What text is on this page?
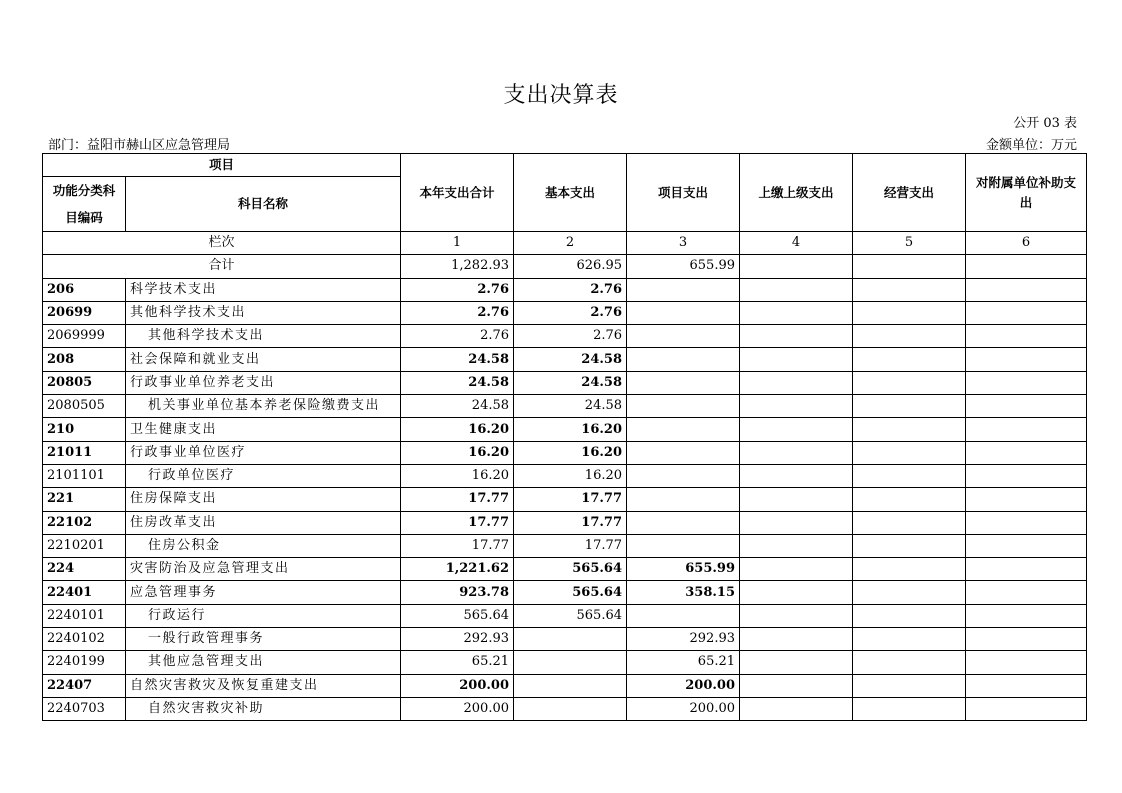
支出决算表
公开 03 表
部门：益阳市赫山区应急管理局	金额单位：万元
项目		本年支出合计	基本支出	项目支出	上缴上级支出	经营支出	对附属单位补助支出
功能分类科目编码	科目名称						
栏次		1	2	3	4	5	6
合计		1,282.93	626.95	655.99			
206	科学技术支出	2.76	2.76				
20699	其他科学技术支出	2.76	2.76				
2069999	其他科学技术支出	2.76	2.76				
208	社会保障和就业支出	24.58	24.58				
20805	行政事业单位养老支出	24.58	24.58				
2080505	机关事业单位基本养老保险缴费支出	24.58	24.58				
210	卫生健康支出	16.20	16.20				
21011	行政事业单位医疗	16.20	16.20				
2101101	行政单位医疗	16.20	16.20				
221	住房保障支出	17.77	17.77				
22102	住房改革支出	17.77	17.77				
2210201	住房公积金	17.77	17.77				
224	灾害防治及应急管理支出	1,221.62	565.64	655.99			
22401	应急管理事务	923.78	565.64	358.15			
2240101	行政运行	565.64	565.64				
2240102	一般行政管理事务	292.93		292.93			
2240199	其他应急管理支出	65.21		65.21			
22407	自然灾害救灾及恢复重建支出	200.00		200.00			
2240703	自然灾害救灾补助	200.00		200.00			
